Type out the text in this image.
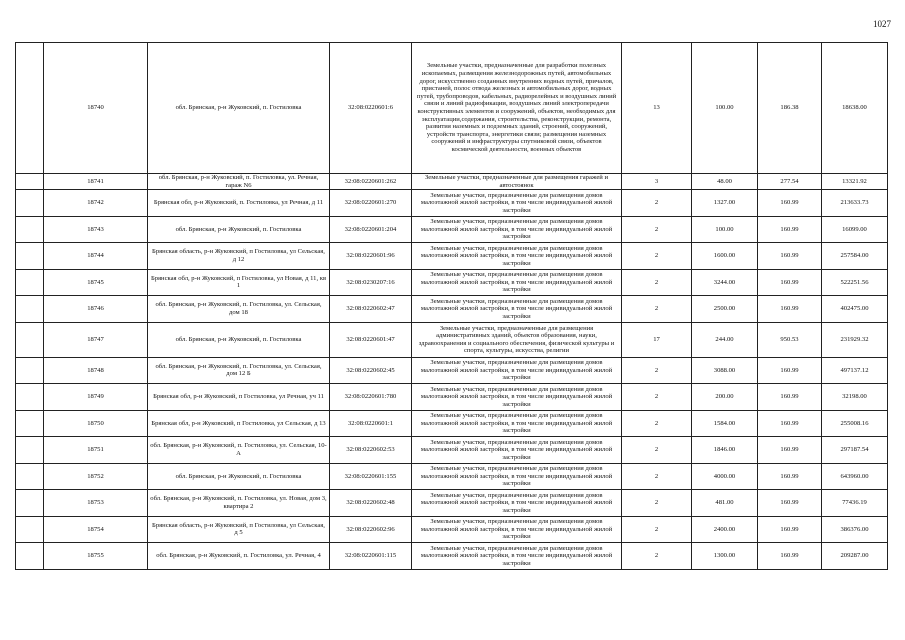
1027
	18740	обл. Брянская, р-н Жуковский, п. Гостиловка	32:08:0220601:6	Земельные участки, предназначенные для разработки полезных ископаемых, размещения железнодорожных путей, автомобильных дорог, искусственно созданных внутренних водных путей, причалов, пристаней, полос отвода железных и автомобильных дорог, водных путей, трубопроводов, кабельных, радиорелейных и воздушных линий связи и линий радиофикации, воздушных линий электропередачи конструктивных элементов и сооружений, объектов, необходимых для эксплуатации,содержания, строительства, реконструкции, ремонта, развития наземных и подземных зданий, строений, сооружений, устройств транспорта, энергетики связи; размещения наземных сооружений и инфраструктуры спутниковой связи, объектов космической деятельности, военных объектов	13	100.00	186.38	18638.00
	18741	обл. Брянская, р-н Жуковский, п. Гостиловка, ул. Речная, гараж N6	32:08:0220601:262	Земельные участки, предназначенные для размещения гаражей и автостоянок	3	48.00	277.54	13321.92
	18742	Брянская обл, р-н Жуковский, п. Гостиловка, ул Речная, д 11	32:08:0220601:270	Земельные участки, предназначенные для размещения домов малоэтажной жилой застройки, в том числе индивидуальной жилой застройки	2	1327.00	160.99	213633.73
	18743	обл. Брянская, р-н Жуковский, п. Гостиловка	32:08:0220601:204	Земельные участки, предназначенные для размещения домов малоэтажной жилой застройки, в том числе индивидуальной жилой застройки	2	100.00	160.99	16099.00
	18744	Брянская область, р-н Жуковский, п Гостиловка, ул Сельская, д 12	32:08:0220601:96	Земельные участки, предназначенные для размещения домов малоэтажной жилой застройки, в том числе индивидуальной жилой застройки	2	1600.00	160.99	257584.00
	18745	Брянская обл, р-н Жуковский, п Гостиловка, ул Новая, д 11, кв 1	32:08:0230207:16	Земельные участки, предназначенные для размещения домов малоэтажной жилой застройки, в том числе индивидуальной жилой застройки	2	3244.00	160.99	522251.56
	18746	обл. Брянская, р-н Жуковский, п. Гостиловка, ул. Сельская, дом 18	32:08:0220602:47	Земельные участки, предназначенные для размещения домов малоэтажной жилой застройки, в том числе индивидуальной жилой застройки	2	2500.00	160.99	402475.00
	18747	обл. Брянская, р-н Жуковский, п. Гостиловка	32:08:0220601:47	Земельные участки, предназначенные для размещения административных зданий, объектов образования, науки, здравоохранения и социального обеспечения, физической культуры и спорта, культуры, искусства, религии	17	244.00	950.53	231929.32
	18748	обл. Брянская, р-н Жуковский, п. Гостиловка, ул. Сельская, дом 12 Б	32:08:0220602:45	Земельные участки, предназначенные для размещения домов малоэтажной жилой застройки, в том числе индивидуальной жилой застройки	2	3088.00	160.99	497137.12
	18749	Брянская обл, р-н Жуковский, п Гостиловка, ул Речная, уч 11	32:08:0220601:780	Земельные участки, предназначенные для размещения домов малоэтажной жилой застройки, в том числе индивидуальной жилой застройки	2	200.00	160.99	32198.00
	18750	Брянская обл, р-н Жуковский, п Гостиловка, ул Сельская, д 13	32:08:0220601:1	Земельные участки, предназначенные для размещения домов малоэтажной жилой застройки, в том числе индивидуальной жилой застройки	2	1584.00	160.99	255008.16
	18751	обл. Брянская, р-н Жуковский, п. Гостиловка, ул. Сельская, 10-А	32:08:0220602:53	Земельные участки, предназначенные для размещения домов малоэтажной жилой застройки, в том числе индивидуальной жилой застройки	2	1846.00	160.99	297187.54
	18752	обл. Брянская, р-н Жуковский, п. Гостиловка	32:08:0220601:155	Земельные участки, предназначенные для размещения домов малоэтажной жилой застройки, в том числе индивидуальной жилой застройки	2	4000.00	160.99	643960.00
	18753	обл. Брянская, р-н Жуковский, п. Гостиловка, ул. Новая, дом 3, квартира 2	32:08:0220602:48	Земельные участки, предназначенные для размещения домов малоэтажной жилой застройки, в том числе индивидуальной жилой застройки	2	481.00	160.99	77436.19
	18754	Брянская область, р-н Жуковский, п Гостиловка, ул Сельская, д 5	32:08:0220602:96	Земельные участки, предназначенные для размещения домов малоэтажной жилой застройки, в том числе индивидуальной жилой застройки	2	2400.00	160.99	386376.00
	18755	обл. Брянская, р-н Жуковский, п. Гостиловка, ул. Речная, 4	32:08:0220601:115	Земельные участки, предназначенные для размещения домов малоэтажной жилой застройки, в том числе индивидуальной жилой застройки	2	1300.00	160.99	209287.00
